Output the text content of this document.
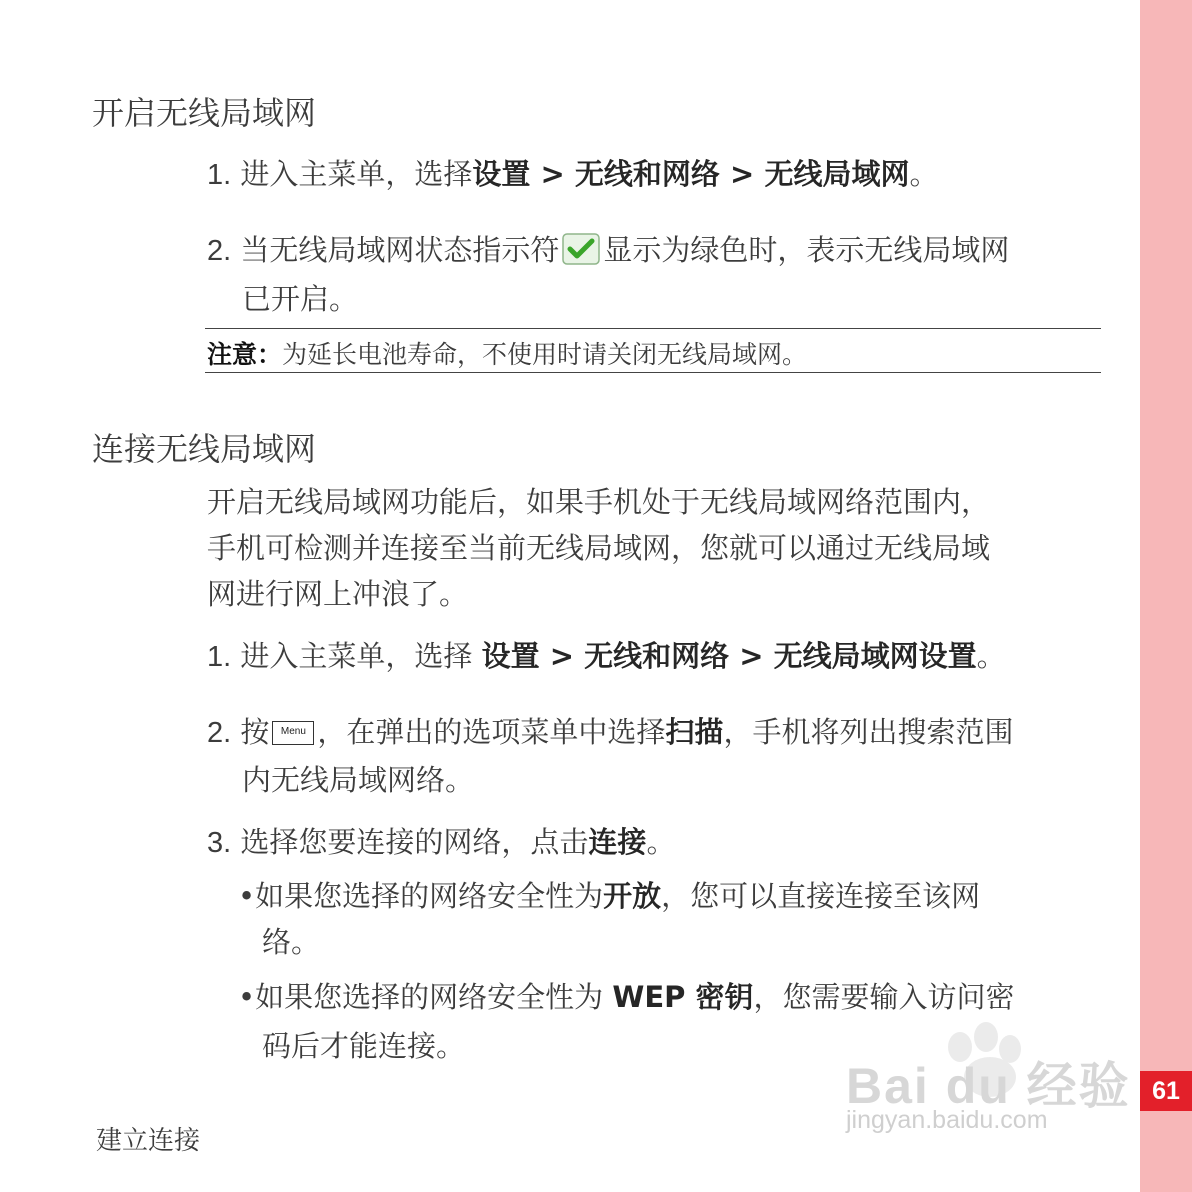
61
开启无线局域网
1. 进入主菜单，选择设置 > 无线和网络 > 无线局域网。
2. 当无线局域网状态指示符 显示为绿色时，表示无线局域网
已开启。
注意：为延长电池寿命，不使用时请关闭无线局域网。
连接无线局域网
开启无线局域网功能后，如果手机处于无线局域网络范围内，
手机可检测并连接至当前无线局域网，您就可以通过无线局域
网进行网上冲浪了。
1. 进入主菜单，选择 设置 > 无线和网络 > 无线局域网设置。
2. 按 Menu ，在弹出的选项菜单中选择扫描，手机将列出搜索范围
内无线局域网络。
3. 选择您要连接的网络，点击连接。
•如果您选择的网络安全性为开放，您可以直接连接至该网
络。
•如果您选择的网络安全性为 WEP 密钥，您需要输入访问密
码后才能连接。
Bai du 经验
jingyan.baidu.com
建立连接
